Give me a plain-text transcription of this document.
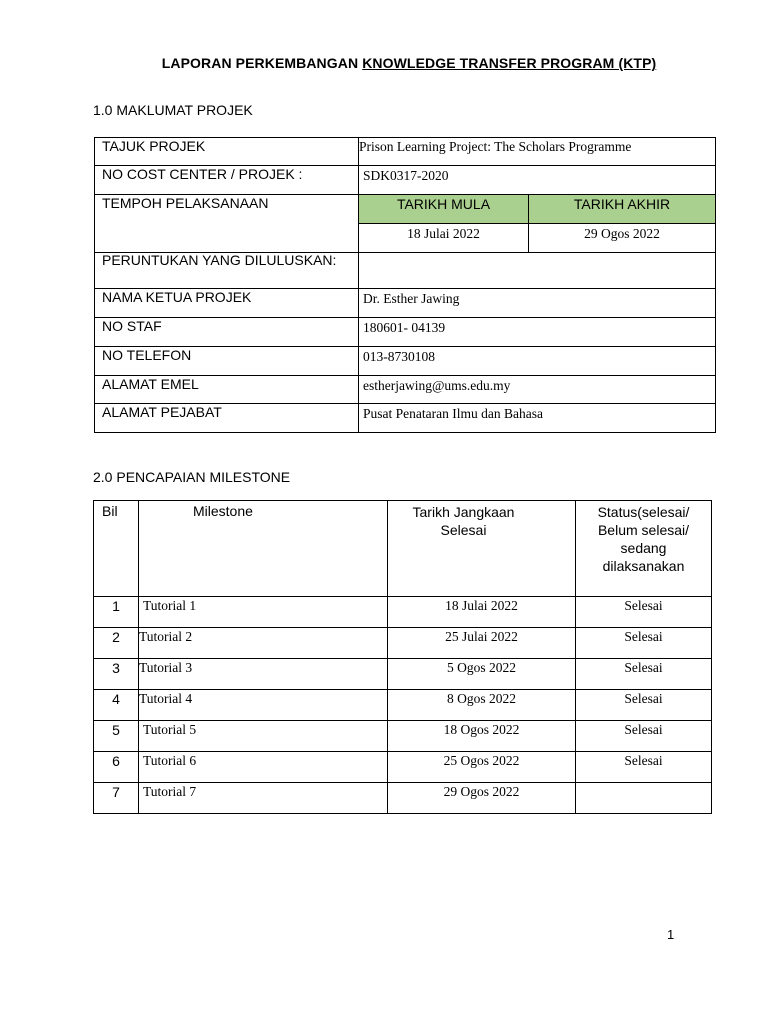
LAPORAN PERKEMBANGAN KNOWLEDGE TRANSFER PROGRAM (KTP)
1.0 MAKLUMAT PROJEK
TAJUK PROJEK	Prison Learning Project: The Scholars Programme	
NO COST CENTER / PROJEK :	SDK0317-2020	
TEMPOH PELAKSANAAN	TARIKH MULA	TARIKH AKHIR
	18 Julai 2022	29 Ogos 2022
PERUNTUKAN YANG DILULUSKAN:		
NAMA KETUA PROJEK	Dr. Esther Jawing	
NO STAF	180601- 04139	
NO TELEFON	013-8730108	
ALAMAT EMEL	estherjawing@ums.edu.my	
ALAMAT PEJABAT	Pusat Penataran Ilmu dan Bahasa	
2.0 PENCAPAIAN MILESTONE
Bil	Milestone	Tarikh Jangkaan Selesai	Status(selesai/ Belum selesai/ sedang dilaksanakan
1	Tutorial 1	18 Julai 2022	Selesai
2	Tutorial 2	25 Julai 2022	Selesai
3	Tutorial 3	5 Ogos 2022	Selesai
4	Tutorial 4	8 Ogos 2022	Selesai
5	Tutorial 5	18 Ogos 2022	Selesai
6	Tutorial 6	25 Ogos 2022	Selesai
7	Tutorial 7	29 Ogos 2022	
1
